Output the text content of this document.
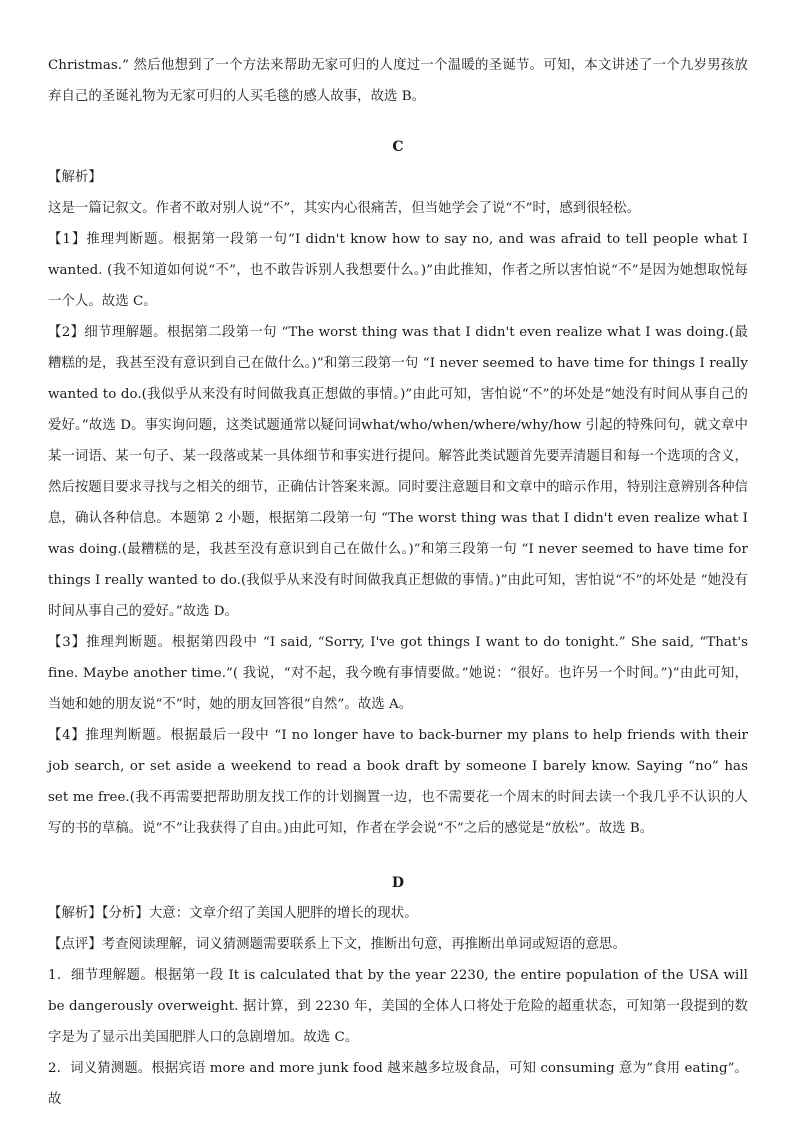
Christmas.” 然后他想到了一个方法来帮助无家可归的人度过一个温暖的圣诞节。可知，本文讲述了一个九岁男孩放弃自己的圣诞礼物为无家可归的人买毛毯的感人故事，故选 B。

C

【解析】

这是一篇记叙文。作者不敢对别人说“不”，其实内心很痛苦，但当她学会了说“不”时，感到很轻松。

【1】推理判断题。根据第一段第一句“I didn't know how to say no, and was afraid to tell people what I wanted. (我不知道如何说“不”，也不敢告诉别人我想要什么。)”由此推知，作者之所以害怕说“不”是因为她想取悦每一个人。故选 C。

【2】细节理解题。根据第二段第一句 “The worst thing was that I didn't even realize what I was doing.(最糟糕的是，我甚至没有意识到自己在做什么。)”和第三段第一句 “I never seemed to have time for things I really wanted to do.(我似乎从来没有时间做我真正想做的事情。)”由此可知，害怕说“不”的坏处是“她没有时间从事自己的爱好。”故选 D。事实询问题，这类试题通常以疑问词what/who/when/where/why/how 引起的特殊问句，就文章中某一词语、某一句子、某一段落或某一具体细节和事实进行提问。解答此类试题首先要弄清题目和每一个选项的含义，然后按题目要求寻找与之相关的细节，正确估计答案来源。同时要注意题目和文章中的暗示作用，特别注意辨别各种信息，确认各种信息。本题第 2 小题，根据第二段第一句 “The worst thing was that I didn't even realize what I was doing.(最糟糕的是，我甚至没有意识到自己在做什么。)”和第三段第一句 “I never seemed to have time for things I really wanted to do.(我似乎从来没有时间做我真正想做的事情。)”由此可知，害怕说“不”的坏处是 “她没有时间从事自己的爱好。”故选 D。

【3】推理判断题。根据第四段中 “I said, “Sorry, I've got things I want to do tonight.” She said, “That's fine. Maybe another time.”( 我说，“对不起，我今晚有事情要做。”她说：“很好。也许另一个时间。”)”由此可知，当她和她的朋友说“不”时，她的朋友回答很“自然”。故选 A。

【4】推理判断题。根据最后一段中 “I no longer have to back-burner my plans to help friends with their job search, or set aside a weekend to read a book draft by someone I barely know. Saying “no” has set me free.(我不再需要把帮助朋友找工作的计划搁置一边，也不需要花一个周末的时间去读一个我几乎不认识的人写的书的草稿。说“不”让我获得了自由。)由此可知，作者在学会说“不”之后的感觉是“放松”。故选 B。

D

【解析】【分析】大意：文章介绍了美国人肥胖的增长的现状。

【点评】考查阅读理解，词义猜测题需要联系上下文，推断出句意，再推断出单词或短语的意思。

1．细节理解题。根据第一段 It is calculated that by the year 2230, the entire population of the USA will be dangerously overweight. 据计算，到 2230 年，美国的全体人口将处于危险的超重状态，可知第一段提到的数字是为了显示出美国肥胖人口的急剧增加。故选 C。

2．词义猜测题。根据宾语 more and more junk food 越来越多垃圾食品，可知 consuming 意为“食用 eating”。故
